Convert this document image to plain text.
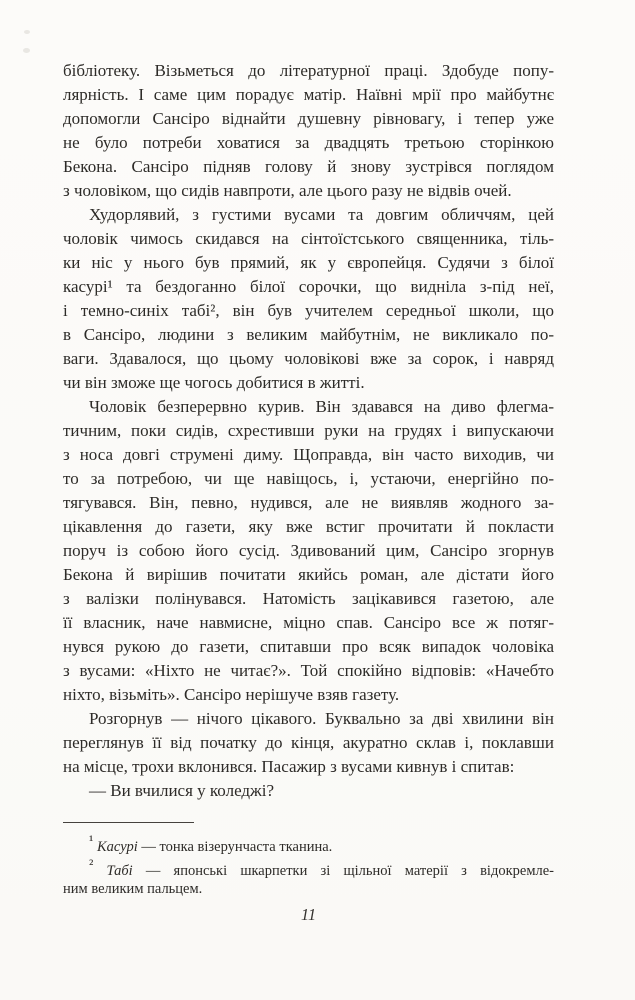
бібліотеку. Візьметься до літературної праці. Здобуде попу-
лярність. І саме цим порадує матір. Наївні мрії про майбутнє
допомогли Сансіро віднайти душевну рівновагу, і тепер уже
не було потреби ховатися за двадцять третьою сторінкою
Бекона. Сансіро підняв голову й знову зустрівся поглядом
з чоловіком, що сидів навпроти, але цього разу не відвів очей.
Худорлявий, з густими вусами та довгим обличчям, цей
чоловік чимось скидався на сінтоїстського священника, тіль-
ки ніс у нього був прямий, як у європейця. Судячи з білої
касурі¹ та бездоганно білої сорочки, що видніла з-під неї,
і темно-синіх табі², він був учителем середньої школи, що
в Сансіро, людини з великим майбутнім, не викликало по-
ваги. Здавалося, що цьому чоловікові вже за сорок, і навряд
чи він зможе ще чогось добитися в житті.
Чоловік безперервно курив. Він здавався на диво флегма-
тичним, поки сидів, схрестивши руки на грудях і випускаючи
з носа довгі струмені диму. Щоправда, він часто виходив, чи
то за потребою, чи ще навіщось, і, устаючи, енергійно по-
тягувався. Він, певно, нудився, але не виявляв жодного за-
цікавлення до газети, яку вже встиг прочитати й покласти
поруч із собою його сусід. Здивований цим, Сансіро згорнув
Бекона й вирішив почитати якийсь роман, але дістати його
з валізки полінувався. Натомість зацікавився газетою, але
її власник, наче навмисне, міцно спав. Сансіро все ж потяг-
нувся рукою до газети, спитавши про всяк випадок чоловіка
з вусами: «Ніхто не читає?». Той спокійно відповів: «Начебто
ніхто, візьміть». Сансіро нерішуче взяв газету.
Розгорнув — нічого цікавого. Буквально за дві хвилини він
переглянув її від початку до кінця, акуратно склав і, поклавши
на місце, трохи вклонився. Пасажир з вусами кивнув і спитав:
— Ви вчилися у коледжі?
$^{^1}$ Касурі — тонка візерунчаста тканина.
$^{^2}$ Табі — японські шкарпетки зі щільної матерії з відокремле-
ним великим пальцем.
11
